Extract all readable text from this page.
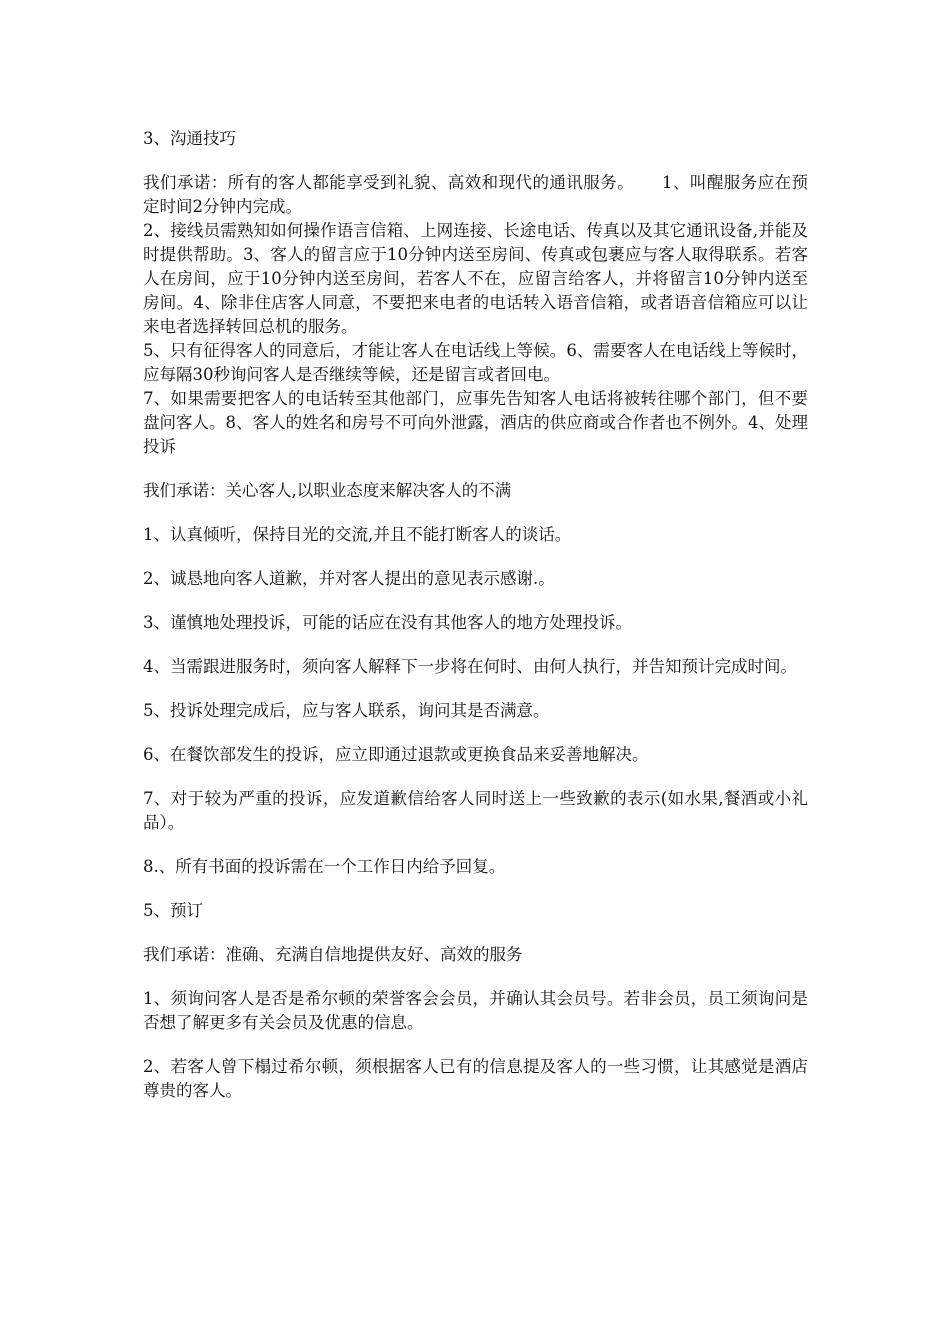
3、沟通技巧

我们承诺：所有的客人都能享受到礼貌、高效和现代的通讯服务。 1、叫醒服务应在预定时间2分钟内完成。

2、接线员需熟知如何操作语言信箱、上网连接、长途电话、传真以及其它通讯设备,并能及时提供帮助。3、客人的留言应于10分钟内送至房间、传真或包裹应与客人取得联系。若客人在房间，应于10分钟内送至房间，若客人不在，应留言给客人，并将留言10分钟内送至房间。4、除非住店客人同意，不要把来电者的电话转入语音信箱，或者语音信箱应可以让来电者选择转回总机的服务。

5、只有征得客人的同意后，才能让客人在电话线上等候。6、需要客人在电话线上等候时，应每隔30秒询问客人是否继续等候，还是留言或者回电。

7、如果需要把客人的电话转至其他部门，应事先告知客人电话将被转往哪个部门，但不要盘问客人。8、客人的姓名和房号不可向外泄露，酒店的供应商或合作者也不例外。4、处理投诉

我们承诺：关心客人,以职业态度来解决客人的不满

1、认真倾听，保持目光的交流,并且不能打断客人的谈话。

2、诚恳地向客人道歉，并对客人提出的意见表示感谢.。

3、谨慎地处理投诉，可能的话应在没有其他客人的地方处理投诉。

4、当需跟进服务时，须向客人解释下一步将在何时、由何人执行，并告知预计完成时间。

5、投诉处理完成后，应与客人联系，询问其是否满意。

6、在餐饮部发生的投诉，应立即通过退款或更换食品来妥善地解决。

7、对于较为严重的投诉，应发道歉信给客人同时送上一些致歉的表示(如水果,餐酒或小礼品）。

8.、所有书面的投诉需在一个工作日内给予回复。

5、预订

我们承诺：准确、充满自信地提供友好、高效的服务

1、须询问客人是否是希尔顿的荣誉客会会员，并确认其会员号。若非会员，员工须询问是否想了解更多有关会员及优惠的信息。

2、若客人曾下榻过希尔顿，须根据客人已有的信息提及客人的一些习惯，让其感觉是酒店尊贵的客人。
